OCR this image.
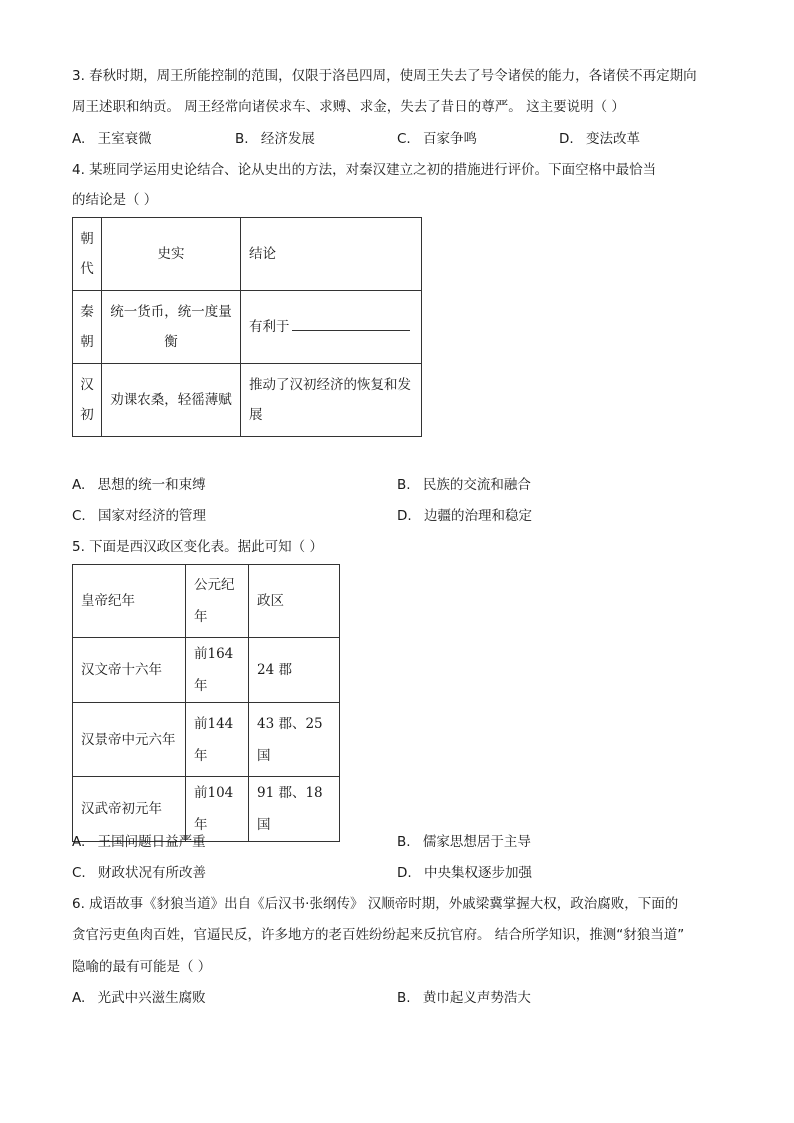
3. 春秋时期，周王所能控制的范围，仅限于洛邑四周，使周王失去了号令诸侯的能力，各诸侯不再定期向
周王述职和纳贡。 周王经常向诸侯求车、求赙、求金，失去了昔日的尊严。 这主要说明（ ）
A. 王室衰微	B. 经济发展	C. 百家争鸣	D. 变法改革
4. 某班同学运用史论结合、论从史出的方法，对秦汉建立之初的措施进行评价。下面空格中最恰当
的结论是（ ）
朝代	史实	结论
秦朝	统一货币，统一度量衡	有利于
汉初	劝课农桑，轻徭薄赋	推动了汉初经济的恢复和发展
A. 思想的统一和束缚	B. 民族的交流和融合
C. 国家对经济的管理	D. 边疆的治理和稳定
5. 下面是西汉政区变化表。据此可知（ ）
皇帝纪年	公元纪年	政区
汉文帝十六年	前164年	24 郡
汉景帝中元六年	前144年	43 郡、25 国
汉武帝初元年	前104年	91 郡、18 国
A. 王国问题日益严重	B. 儒家思想居于主导
C. 财政状况有所改善	D. 中央集权逐步加强
6. 成语故事《豺狼当道》出自《后汉书·张纲传》 汉顺帝时期，外戚梁冀掌握大权，政治腐败，下面的
贪官污吏鱼肉百姓，官逼民反，许多地方的老百姓纷纷起来反抗官府。 结合所学知识，推测“豺狼当道”
隐喻的最有可能是（ ）
A. 光武中兴滋生腐败	B. 黄巾起义声势浩大
